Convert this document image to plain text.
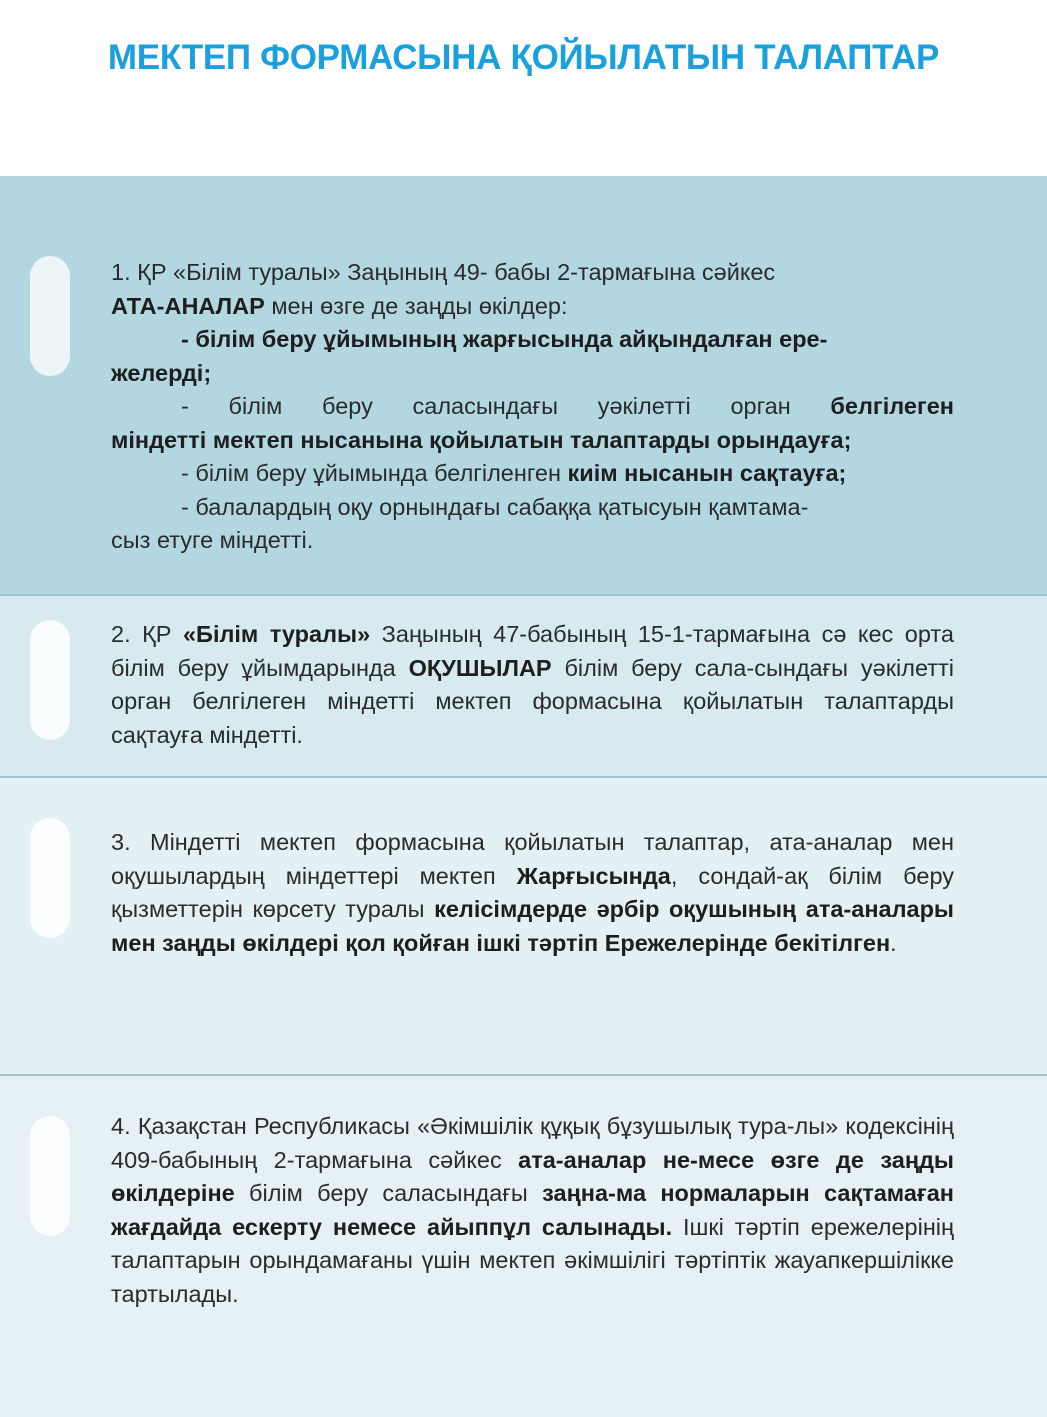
МЕКТЕП ФОРМАСЫНА ҚОЙЫЛАТЫН ТАЛАПТАР
1. ҚР «Білім туралы» Заңының 49- бабы 2-тармағына сәйкес
АТА-АНАЛАР мен өзге де заңды өкілдер:
- білім беру ұйымының жарғысында айқындалған ере-
желерді;
- білім беру саласындағы уәкілетті орган белгілеген
міндетті мектеп нысанына қойылатын талаптарды орындауға;
- білім беру ұйымында белгіленген киім нысанын сақтауға;
- балалардың оқу орнындағы сабаққа қатысуын қамтама-
сыз етуге міндетті.
2. ҚР «Білім туралы» Заңының 47-бабының 15-1-тармағына сә кес орта білім беру ұйымдарында ОҚУШЫЛАР білім беру сала-сындағы уәкілетті орган белгілеген міндетті мектеп формасына қойылатын талаптарды сақтауға міндетті.
3. Міндетті мектеп формасына қойылатын талаптар, ата-аналар мен оқушылардың міндеттері мектеп Жарғысында, сондай-ақ білім беру қызметтерін көрсету туралы келісімдерде әрбір оқушының ата-аналары мен заңды өкілдері қол қойған ішкі тәртіп Ережелерінде бекітілген.
4. Қазақстан Республикасы «Әкімшілік құқық бұзушылық тура-лы» кодексінің 409-бабының 2-тармағына сәйкес ата-аналар не-месе өзге де заңды өкілдеріне білім беру саласындағы заңна-ма нормаларын сақтамаған жағдайда ескерту немесе айыппұл салынады. Ішкі тәртіп ережелерінің талаптарын орындамағаны үшін мектеп әкімшілігі тәртіптік жауапкершілікке тартылады.
